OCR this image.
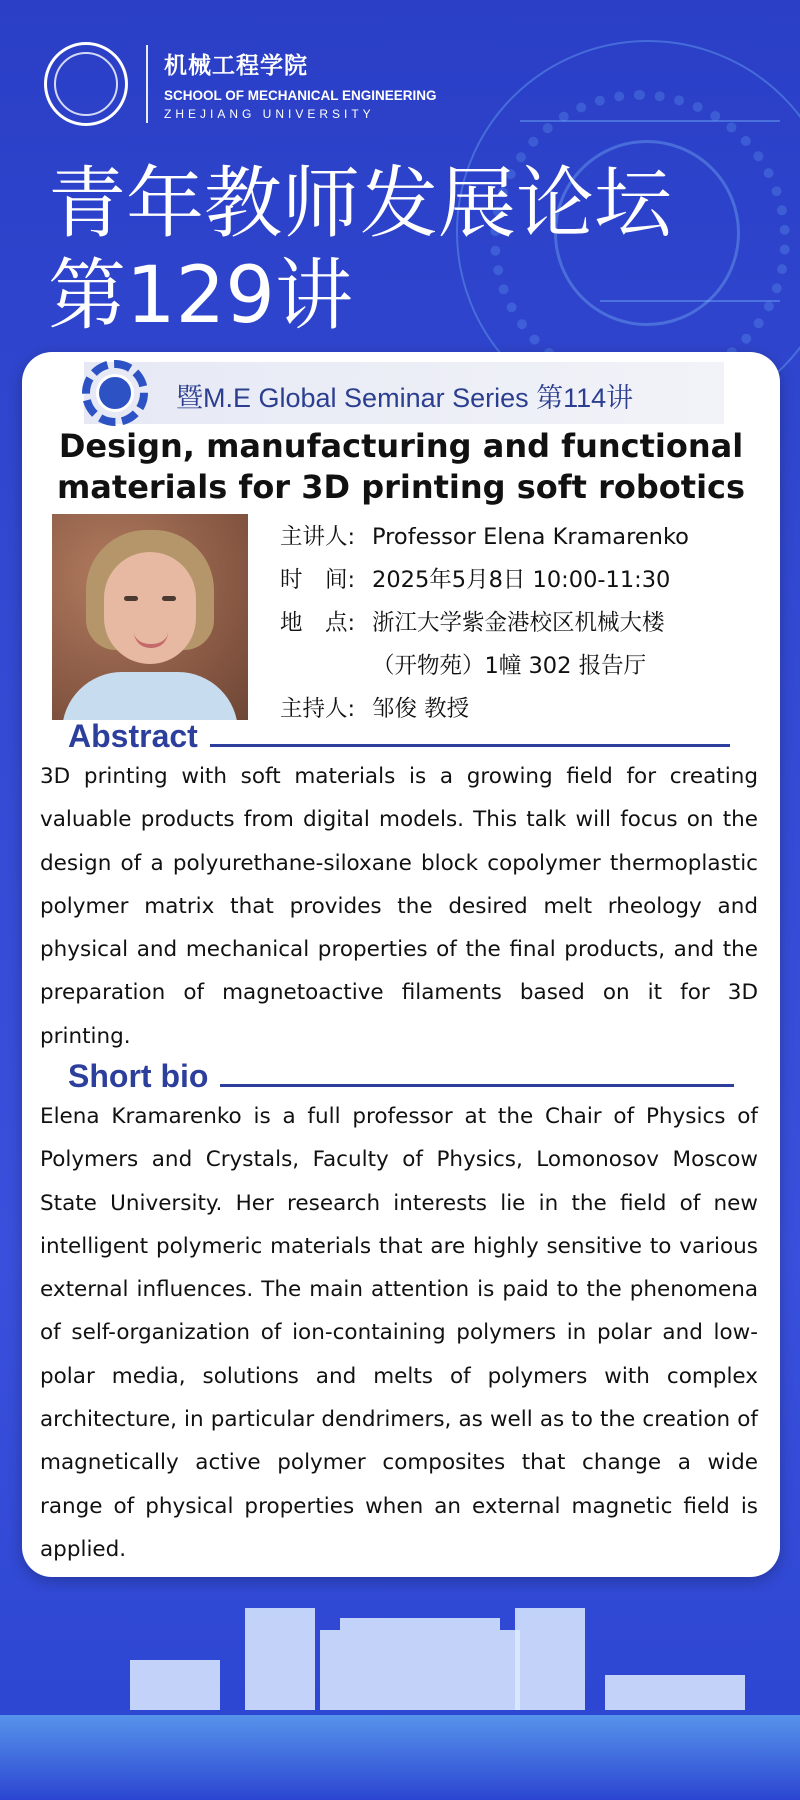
机械工程学院
SCHOOL OF MECHANICAL ENGINEERING
ZHEJIANG UNIVERSITY
青年教师发展论坛
第129讲
暨M.E Global Seminar Series 第114讲
Design, manufacturing and functional
materials for 3D printing soft robotics
主讲人: Professor Elena Kramarenko
时　间: 2025年5月8日 10:00-11:30
地　点: 浙江大学紫金港校区机械大楼
（开物苑）1幢 302 报告厅
主持人: 邹俊 教授
Abstract
3D printing with soft materials is a growing field for creating valuable products from digital models. This talk will focus on the design of a polyurethane-siloxane block copolymer thermoplastic polymer matrix that provides the desired melt rheology and physical and mechanical properties of the final products, and the preparation of magnetoactive filaments based on it for 3D printing.
Short bio
Elena Kramarenko is a full professor at the Chair of Physics of Polymers and Crystals, Faculty of Physics, Lomonosov Moscow State University. Her research interests lie in the field of new intelligent polymeric materials that are highly sensitive to various external influences. The main attention is paid to the phenomena of self-organization of ion-containing polymers in polar and low-polar media, solutions and melts of polymers with complex architecture, in particular dendrimers, as well as to the creation of magnetically active polymer composites that change a wide range of physical properties when an external magnetic field is applied.
